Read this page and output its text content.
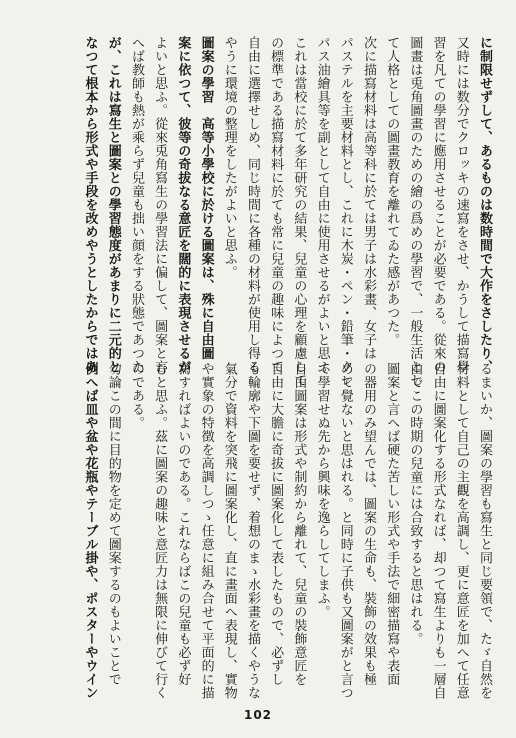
に制限せずして、あるものは数時間で大作をさしたり、
又時には数分でクロッキの速寫をさせ、かうして描寫學
習を凡ての學習に應用させることが必要である。從來の
圖畫は兎角圖畫のための繪の爲めの學習で、一般生活とし
て人格としての圖畫教育を離れてゐた感があつた。
次に描寫材料は高等科に於ては男子は水彩畫、女子は
パステルを主要材料とし、これに木炭・ペン・鉛筆・クレ
パス油繪具等を副として自由に使用させるがよいと思ふ
これは當校に於て多年研究の結果、兒童の心理を顧慮して
の標準である描寫材料に於ても常に兒童の趣味によつて
自由に選擇せしめ、同じ時間に各種の材料が使用し得る
やうに環境の整理をしたがよいと思ふ。
圖案の學習　高等小學校に於ける圖案は、殊に自由圖
案に依つて、彼等の奇拔なる意匠を闊的に表現させるが
よいと思ふ。從來兎角寫生の學習法に偏して、圖案と言
へば教師も熱が乘らず兒童も拙い顔をする狀態であつた
が、これは寫生と圖案との學習態度があまりに二元的と
なつて根本から形式や手段を改めやうとしたからではあ
るまいか、圖案の學習も寫生と同じ要領で、たゞ自然を
材料として自己の主觀を高調し、更に意匠を加へて任意
自由に圖案化する形式なれば、却つて寫生よりも一層自
由でこの時期の兒童には合致すると思はれる。
圖案と言へば硬た苦しい形式や手法で細密描寫や表面
の器用のみ望んでは、圖案の生命も、裝飾の效果も極
めて覺ないと思はれる。と同時に子供も又圖案がと言つ
て學習せぬ先から興味を逸らしてしまふ。
自由圖案は形式や制約から離れて、兒童の裝飾意匠を
自由に大膽に奇拔に圖案化して表したもので、必ずし
も輪廓や下圖を要せず、着想のまゝ水彩畫を描くやうな
氣分で資料を突飛に圖案化し、直に畫面へ表現し、實物
や實象の特徴を高調しつゝ任意に組み合せて平面的に描
寫すればよいのである。これならばこの兒童も必ず好
むと思ふ。茲に圖案の趣味と意匠力は無限に伸びて行く
のである。
勿論この間に目的物を定めて圖案するのもよいことで
例へば皿や盆や花瓶やテーブル掛や、ポスターやウイン
102
